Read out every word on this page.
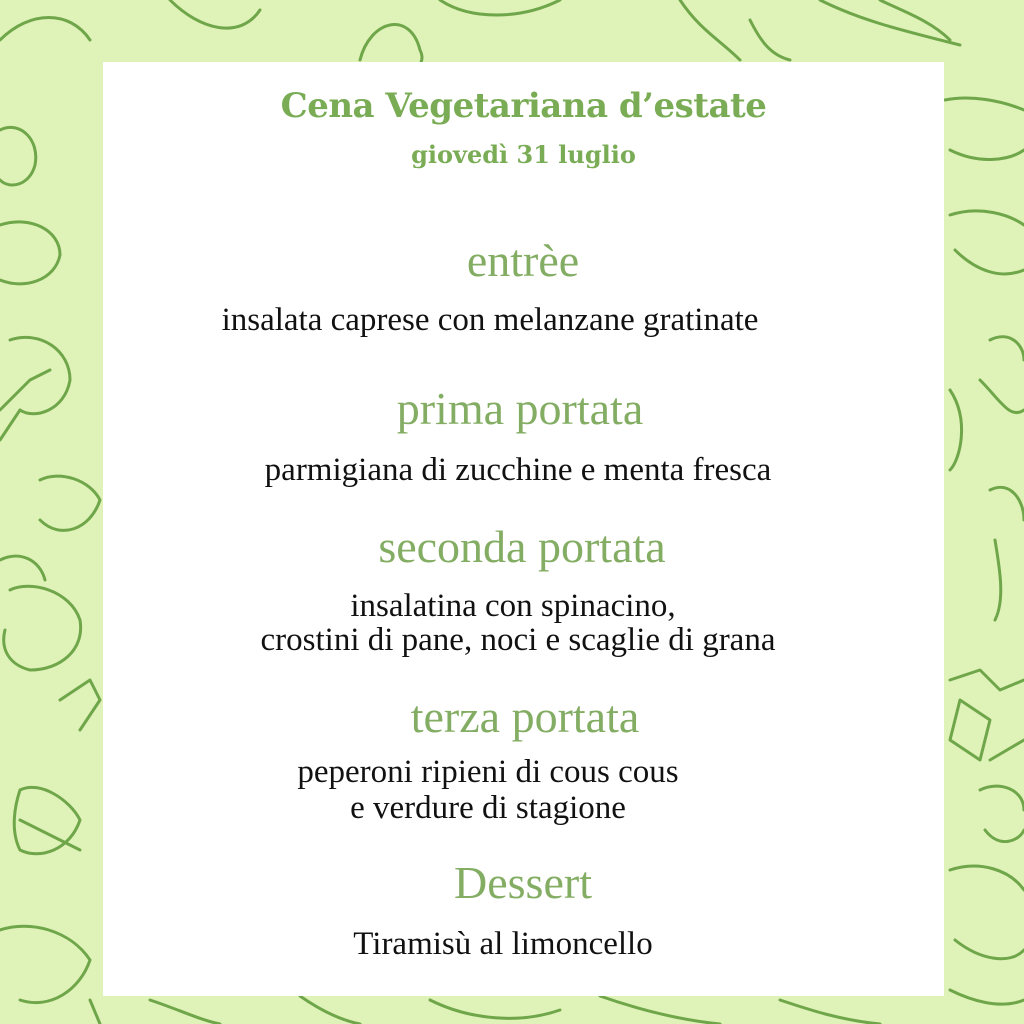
Cena Vegetariana d’estate
giovedì 31 luglio
entrèe
insalata caprese con melanzane gratinate
prima portata
parmigiana di zucchine e menta fresca
seconda portata
insalatina con spinacino,
crostini di pane, noci e scaglie di grana
terza portata
peperoni ripieni di cous cous
e verdure di stagione
Dessert
Tiramisù al limoncello
